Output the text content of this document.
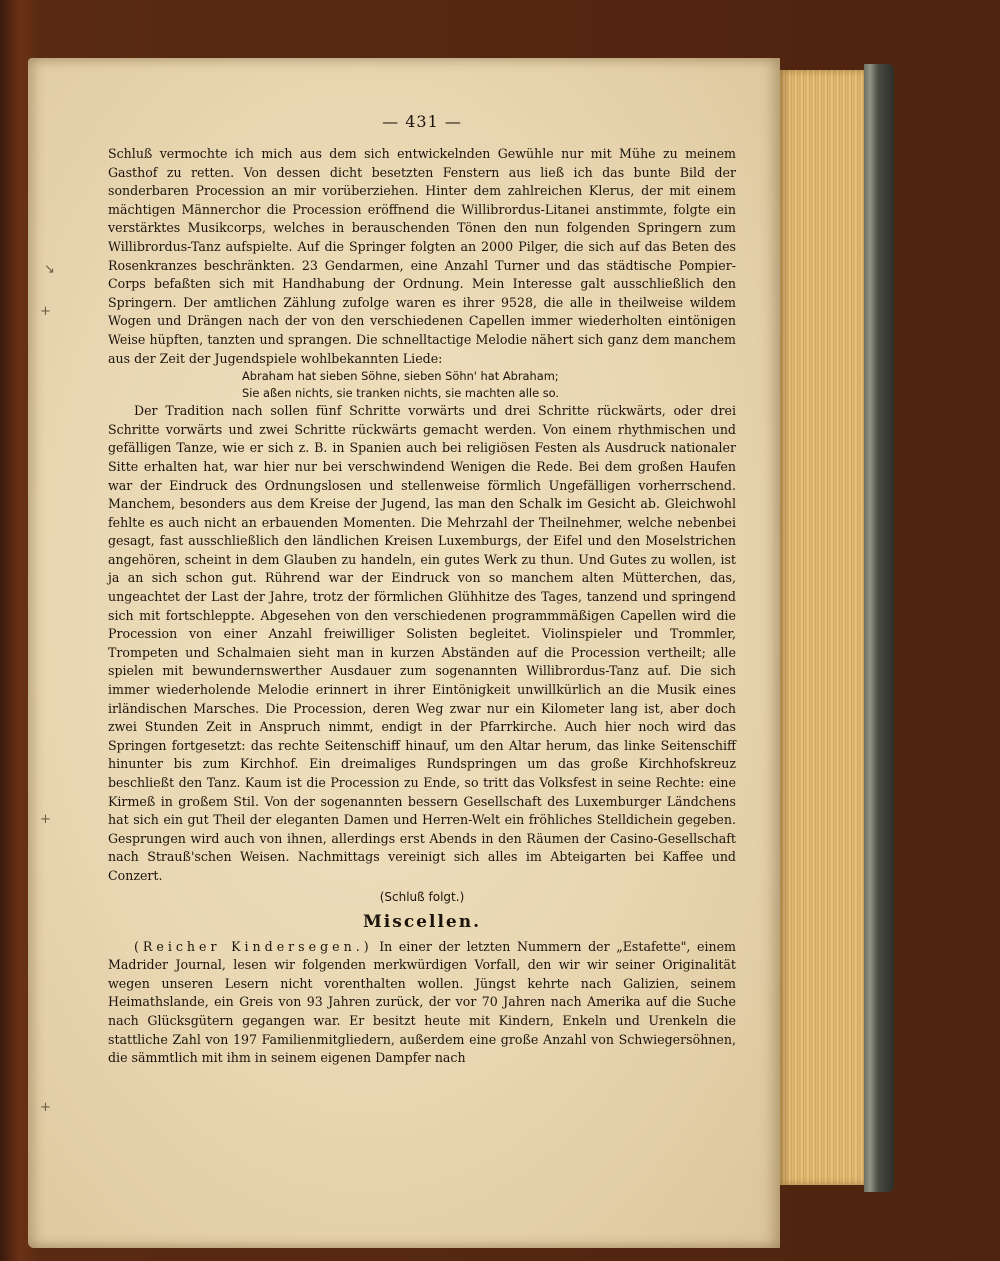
↘
+
+
+
— 431 —

Schluß vermochte ich mich aus dem sich entwickelnden Gewühle nur mit Mühe zu meinem Gasthof zu retten. Von dessen dicht besetzten Fenstern aus ließ ich das bunte Bild der sonderbaren Procession an mir vorüberziehen. Hinter dem zahlreichen Klerus, der mit einem mächtigen Männerchor die Procession eröffnend die Willibrordus-Litanei anstimmte, folgte ein verstärktes Musikcorps, welches in berauschenden Tönen den nun folgenden Springern zum Willibrordus-Tanz aufspielte. Auf die Springer folgten an 2000 Pilger, die sich auf das Beten des Rosenkranzes beschränkten. 23 Gendarmen, eine Anzahl Turner und das städtische Pompier-Corps befaßten sich mit Handhabung der Ordnung. Mein Interesse galt ausschließlich den Springern. Der amtlichen Zählung zufolge waren es ihrer 9528, die alle in theilweise wildem Wogen und Drängen nach der von den verschiedenen Capellen immer wiederholten eintönigen Weise hüpften, tanzten und sprangen. Die schnelltactige Melodie nähert sich ganz dem manchem aus der Zeit der Jugendspiele wohlbekannten Liede:

Abraham hat sieben Söhne, sieben Söhn' hat Abraham;

Sie aßen nichts, sie tranken nichts, sie machten alle so.

Der Tradition nach sollen fünf Schritte vorwärts und drei Schritte rückwärts, oder drei Schritte vorwärts und zwei Schritte rückwärts gemacht werden. Von einem rhythmischen und gefälligen Tanze, wie er sich z. B. in Spanien auch bei religiösen Festen als Ausdruck nationaler Sitte erhalten hat, war hier nur bei verschwindend Wenigen die Rede. Bei dem großen Haufen war der Eindruck des Ordnungslosen und stellenweise förmlich Ungefälligen vorherrschend. Manchem, besonders aus dem Kreise der Jugend, las man den Schalk im Gesicht ab. Gleichwohl fehlte es auch nicht an erbauenden Momenten. Die Mehrzahl der Theilnehmer, welche nebenbei gesagt, fast ausschließlich den ländlichen Kreisen Luxemburgs, der Eifel und den Moselstrichen angehören, scheint in dem Glauben zu handeln, ein gutes Werk zu thun. Und Gutes zu wollen, ist ja an sich schon gut. Rührend war der Eindruck von so manchem alten Mütterchen, das, ungeachtet der Last der Jahre, trotz der förmlichen Glühhitze des Tages, tanzend und springend sich mit fortschleppte. Abgesehen von den verschiedenen programmmäßigen Capellen wird die Procession von einer Anzahl freiwilliger Solisten begleitet. Violinspieler und Trommler, Trompeten und Schalmaien sieht man in kurzen Abständen auf die Procession vertheilt; alle spielen mit bewundernswerther Ausdauer zum sogenannten Willibrordus-Tanz auf. Die sich immer wiederholende Melodie erinnert in ihrer Eintönigkeit unwillkürlich an die Musik eines irländischen Marsches. Die Procession, deren Weg zwar nur ein Kilometer lang ist, aber doch zwei Stunden Zeit in Anspruch nimmt, endigt in der Pfarrkirche. Auch hier noch wird das Springen fortgesetzt: das rechte Seitenschiff hinauf, um den Altar herum, das linke Seitenschiff hinunter bis zum Kirchhof. Ein dreimaliges Rundspringen um das große Kirchhofskreuz beschließt den Tanz. Kaum ist die Procession zu Ende, so tritt das Volksfest in seine Rechte: eine Kirmeß in großem Stil. Von der sogenannten bessern Gesellschaft des Luxemburger Ländchens hat sich ein gut Theil der eleganten Damen und Herren-Welt ein fröhliches Stelldichein gegeben. Gesprungen wird auch von ihnen, allerdings erst Abends in den Räumen der Casino-Gesellschaft nach Strauß'schen Weisen. Nachmittags vereinigt sich alles im Abteigarten bei Kaffee und Conzert.

(Schluß folgt.)
Miscellen.

(Reicher Kindersegen.) In einer der letzten Nummern der „Estafette", einem Madrider Journal, lesen wir folgenden merkwürdigen Vorfall, den wir wir seiner Originalität wegen unseren Lesern nicht vorenthalten wollen. Jüngst kehrte nach Galizien, seinem Heimathslande, ein Greis von 93 Jahren zurück, der vor 70 Jahren nach Amerika auf die Suche nach Glücksgütern gegangen war. Er besitzt heute mit Kindern, Enkeln und Urenkeln die stattliche Zahl von 197 Familienmitgliedern, außerdem eine große Anzahl von Schwiegersöhnen, die sämmtlich mit ihm in seinem eigenen Dampfer nach
